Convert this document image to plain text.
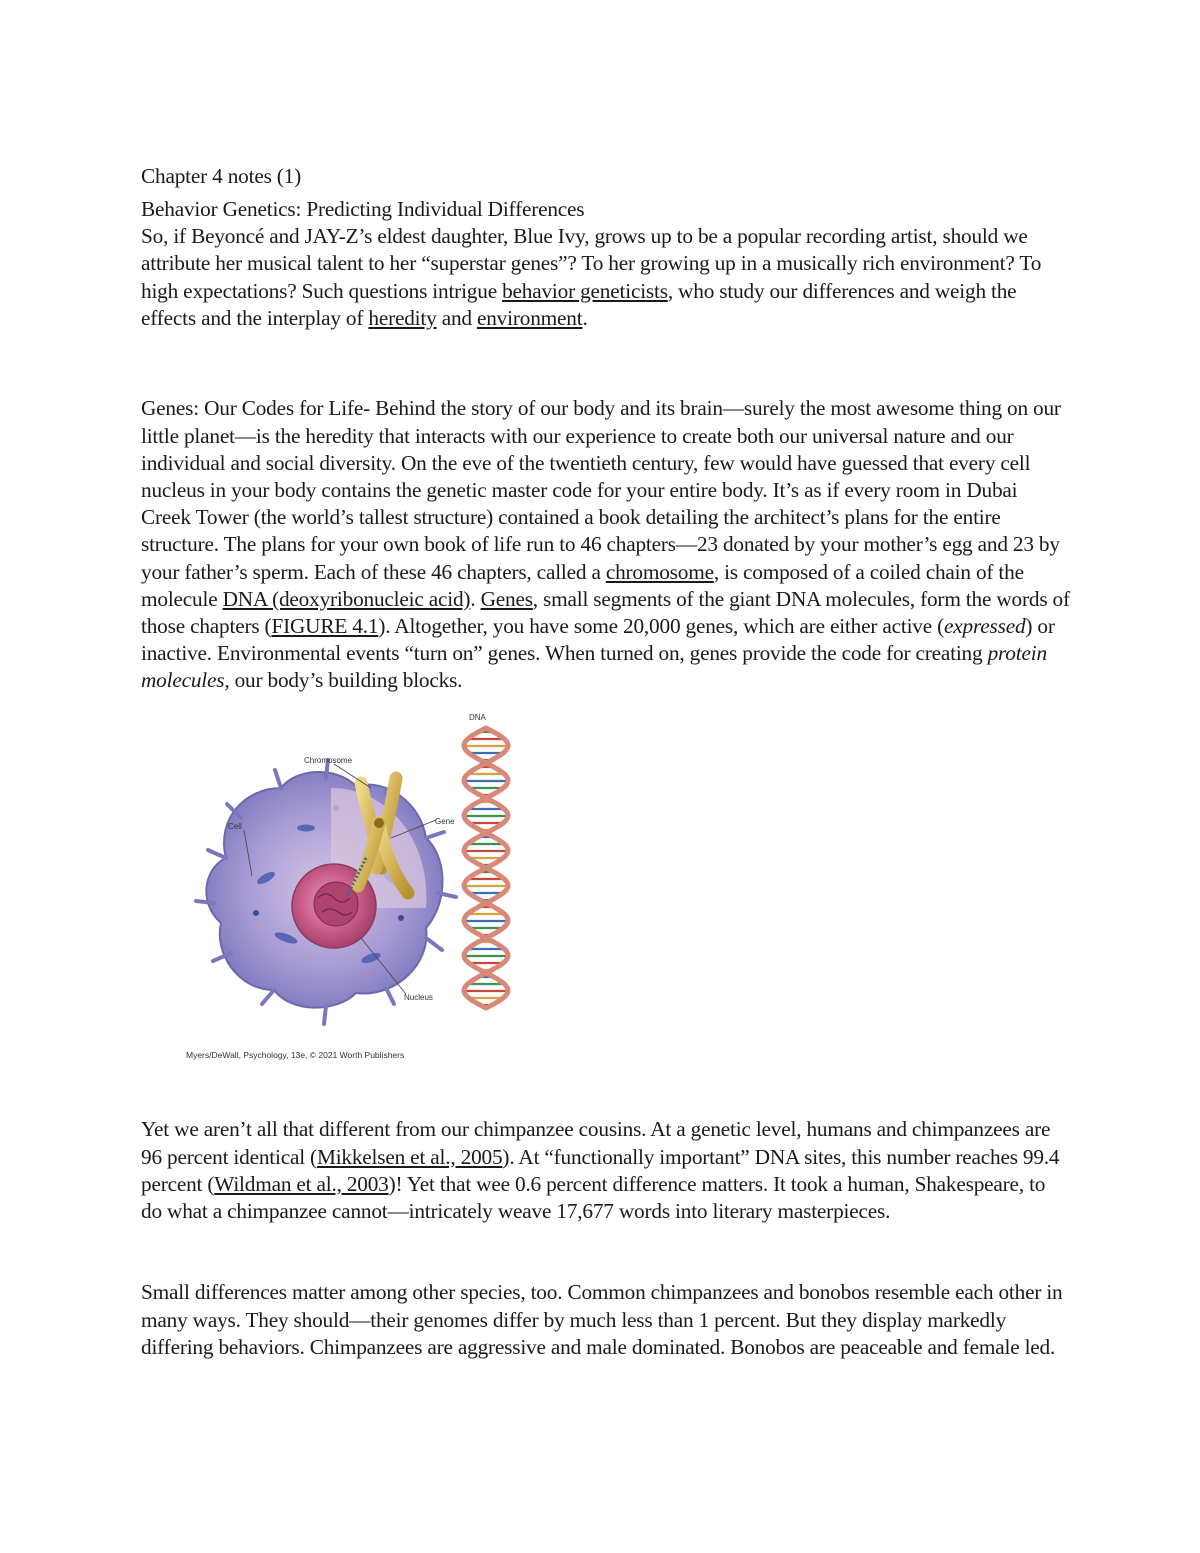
Chapter 4 notes (1)

Behavior Genetics: Predicting Individual Differences

So, if Beyoncé and JAY-Z’s eldest daughter, Blue Ivy, grows up to be a popular recording artist, should we attribute her musical talent to her “superstar genes”? To her growing up in a musically rich environment? To high expectations? Such questions intrigue behavior geneticists, who study our differences and weigh the effects and the interplay of heredity and environment.

Genes: Our Codes for Life- Behind the story of our body and its brain—surely the most awesome thing on our little planet—is the heredity that interacts with our experience to create both our universal nature and our individual and social diversity. On the eve of the twentieth century, few would have guessed that every cell nucleus in your body contains the genetic master code for your entire body. It’s as if every room in Dubai Creek Tower (the world’s tallest structure) contained a book detailing the architect’s plans for the entire structure. The plans for your own book of life run to 46 chapters—23 donated by your mother’s egg and 23 by your father’s sperm. Each of these 46 chapters, called a chromosome, is composed of a coiled chain of the molecule DNA (deoxyribonucleic acid). Genes, small segments of the giant DNA molecules, form the words of those chapters (FIGURE 4.1). Altogether, you have some 20,000 genes, which are either active (expressed) or inactive. Environmental events “turn on” genes. When turned on, genes provide the code for creating protein molecules, our body’s building blocks.

DNA
Chromosome
Cell
Gene
Nucleus
Myers/DeWall, Psychology, 13e, © 2021 Worth Publishers

Yet we aren’t all that different from our chimpanzee cousins. At a genetic level, humans and chimpanzees are 96 percent identical (Mikkelsen et al., 2005). At “functionally important” DNA sites, this number reaches 99.4 percent (Wildman et al., 2003)! Yet that wee 0.6 percent difference matters. It took a human, Shakespeare, to do what a chimpanzee cannot—intricately weave 17,677 words into literary masterpieces.

Small differences matter among other species, too. Common chimpanzees and bonobos resemble each other in many ways. They should—their genomes differ by much less than 1 percent. But they display markedly differing behaviors. Chimpanzees are aggressive and male dominated. Bonobos are peaceable and female led.
